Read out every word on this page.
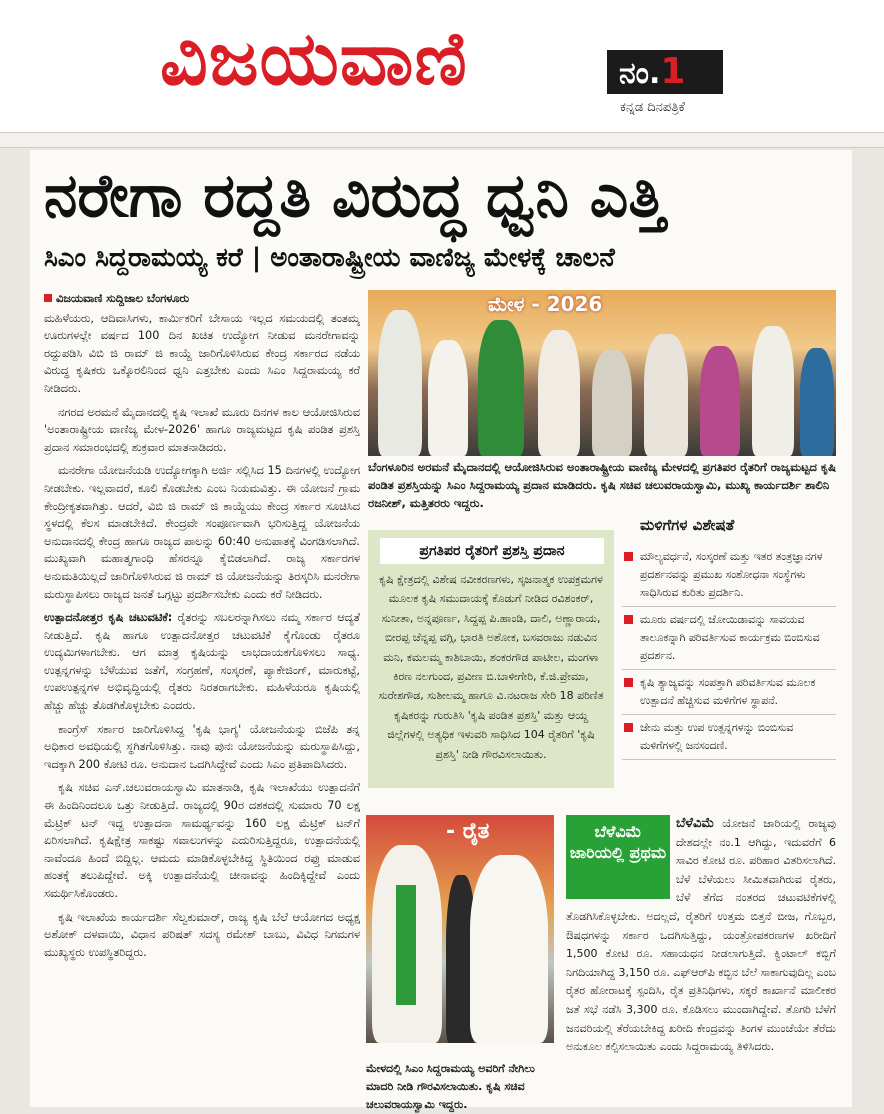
ವಿಜಯವಾಣಿ	ನಂ.1
ಕನ್ನಡ ದಿನಪತ್ರಿಕೆ
ನರೇಗಾ ರದ್ದತಿ ವಿರುದ್ಧ ಧ್ವನಿ ಎತ್ತಿ
ಸಿಎಂ ಸಿದ್ದರಾಮಯ್ಯ ಕರೆ | ಅಂತಾರಾಷ್ಟ್ರೀಯ ವಾಣಿಜ್ಯ ಮೇಳಕ್ಕೆ ಚಾಲನೆ
ವಿಜಯವಾಣಿ ಸುದ್ದಿಜಾಲ ಬೆಂಗಳೂರು

ಮಹಿಳೆಯರು, ಆದಿವಾಸಿಗಳು, ಕಾರ್ಮಿಕರಿಗೆ ಬೇಸಾಯ ಇಲ್ಲದ ಸಮಯದಲ್ಲಿ ತಂತಮ್ಮ ಊರುಗಳಲ್ಲೇ ವರ್ಷದ 100 ದಿನ ಖಚಿತ ಉದ್ಯೋಗ ನೀಡುವ ಮನರೇಗಾವನ್ನು ರದ್ದುಪಡಿಸಿ ವಿಬಿ ಜಿ ರಾಮ್ ಜಿ ಕಾಯ್ದೆ ಜಾರಿಗೊಳಿಸಿರುವ ಕೇಂದ್ರ ಸರ್ಕಾರದ ನಡೆಯ ವಿರುದ್ಧ ಕೃಷಿಕರು ಒಕ್ಕೊರಲಿನಿಂದ ಧ್ವನಿ ಎತ್ತಬೇಕು ಎಂದು ಸಿಎಂ ಸಿದ್ದರಾಮಯ್ಯ ಕರೆ ನೀಡಿದರು.

ನಗರದ ಅರಮನೆ ಮೈದಾನದಲ್ಲಿ ಕೃಷಿ ಇಲಾಖೆ ಮೂರು ದಿನಗಳ ಕಾಲ ಆಯೋಜಿಸಿರುವ 'ಅಂತಾರಾಷ್ಟ್ರೀಯ ವಾಣಿಜ್ಯ ಮೇಳ-2026' ಹಾಗೂ ರಾಜ್ಯಮಟ್ಟದ ಕೃಷಿ ಪಂಡಿತ ಪ್ರಶಸ್ತಿ ಪ್ರದಾನ ಸಮಾರಂಭದಲ್ಲಿ ಶುಕ್ರವಾರ ಮಾತನಾಡಿದರು.

ಮನರೇಗಾ ಯೋಜನೆಯಡಿ ಉದ್ಯೋಗಕ್ಕಾಗಿ ಅರ್ಜಿ ಸಲ್ಲಿಸಿದ 15 ದಿನಗಳಲ್ಲಿ ಉದ್ಯೋಗ ನೀಡಬೇಕು. ಇಲ್ಲವಾದರೆ, ಕೂಲಿ ಕೊಡಬೇಕು ಎಂಬ ನಿಯಮವಿತ್ತು. ಈ ಯೋಜನೆ ಗ್ರಾಮ ಕೇಂದ್ರೀಕೃತವಾಗಿತ್ತು. ಆದರೆ, ವಿಬಿ ಜಿ ರಾಮ್ ಜಿ ಕಾಯ್ದೆಯು ಕೇಂದ್ರ ಸರ್ಕಾರ ಸೂಚಿಸಿದ ಸ್ಥಳದಲ್ಲಿ ಕೆಲಸ ಮಾಡಬೇಕಿದೆ. ಕೇಂದ್ರವೇ ಸಂಪೂರ್ಣವಾಗಿ ಭರಿಸುತ್ತಿದ್ದ ಯೋಜನೆಯ ಅನುದಾನದಲ್ಲಿ ಕೇಂದ್ರ ಹಾಗೂ ರಾಜ್ಯದ ಪಾಲನ್ನು 60:40 ಅನುಪಾತಕ್ಕೆ ವಿಂಗಡಿಸಲಾಗಿದೆ. ಮುಖ್ಯವಾಗಿ ಮಹಾತ್ಮಗಾಂಧಿ ಹೆಸರನ್ನೂ ಕೈಬಿಡಲಾಗಿದೆ. ರಾಜ್ಯ ಸರ್ಕಾರಗಳ ಅನುಮತಿಯಿಲ್ಲದೆ ಜಾರಿಗೊಳಿಸಿರುವ ಜಿ ರಾಮ್ ಜಿ ಯೋಜನೆಯನ್ನು ತಿರಸ್ಕರಿಸಿ ಮನರೇಗಾ ಮರುಸ್ಥಾಪಿಸಲು ರಾಜ್ಯದ ಜನತೆ ಒಗ್ಗಟ್ಟು ಪ್ರದರ್ಶಿಸಬೇಕು ಎಂದು ಕರೆ ನೀಡಿದರು.

ಉತ್ಪಾದನೋತ್ತರ ಕೃಷಿ ಚಟುವಟಿಕೆ: ರೈತರನ್ನು ಸಬಲರನ್ನಾಗಿಸಲು ನಮ್ಮ ಸರ್ಕಾರ ಆದ್ಯತೆ ನೀಡುತ್ತಿದೆ. ಕೃಷಿ ಹಾಗೂ ಉತ್ಪಾದನೋತ್ತರ ಚಟುವಟಿಕೆ ಕೈಗೊಂಡು ರೈತರೂ ಉದ್ಯಮಿಗಳಾಗಬೇಕು. ಆಗ ಮಾತ್ರ ಕೃಷಿಯನ್ನು ಲಾಭದಾಯಕಗೊಳಿಸಲು ಸಾಧ್ಯ. ಉತ್ಪನ್ನಗಳನ್ನು ಬೆಳೆಯುವ ಜತೆಗೆ, ಸಂಗ್ರಹಣೆ, ಸಂಸ್ಕರಣೆ, ಪ್ಯಾಕೇಜಿಂಗ್, ಮಾರುಕಟ್ಟೆ, ಉಪಉತ್ಪನ್ನಗಳ ಅಭಿವೃದ್ಧಿಯಲ್ಲಿ ರೈತರು ನಿರತರಾಗಬೇಕು. ಮಹಿಳೆಯರೂ ಕೃಷಿಯಲ್ಲಿ ಹೆಚ್ಚು ಹೆಚ್ಚು ತೊಡಗಿಕೊಳ್ಳಬೇಕು ಎಂದರು.

ಕಾಂಗ್ರೆಸ್ ಸರ್ಕಾರ ಜಾರಿಗೊಳಿಸಿದ್ದ 'ಕೃಷಿ ಭಾಗ್ಯ' ಯೋಜನೆಯನ್ನು ಬಿಜೆಪಿ ತನ್ನ ಅಧಿಕಾರ ಅವಧಿಯಲ್ಲಿ ಸ್ಥಗಿತಗೊಳಿಸಿತ್ತು. ನಾವು ಪುನಃ ಯೋಜನೆಯನ್ನು ಮರುಸ್ಥಾಪಿಸಿದ್ದು, ಇದಕ್ಕಾಗಿ 200 ಕೋಟಿ ರೂ. ಅನುದಾನ ಒದಗಿಸಿದ್ದೇವೆ ಎಂದು ಸಿಎಂ ಪ್ರತಿಪಾದಿಸಿದರು.

ಕೃಷಿ ಸಚಿವ ಎನ್.ಚಲುವರಾಯಸ್ವಾಮಿ ಮಾತನಾಡಿ, ಕೃಷಿ ಇಲಾಖೆಯು ಉತ್ಪಾದನೆಗೆ ಈ ಹಿಂದಿನಿಂದಲೂ ಒತ್ತು ನೀಡುತ್ತಿದೆ. ರಾಜ್ಯದಲ್ಲಿ 90ರ ದಶಕದಲ್ಲಿ ಸುಮಾರು 70 ಲಕ್ಷ ಮೆಟ್ರಿಕ್ ಟನ್ ಇದ್ದ ಉತ್ಪಾದನಾ ಸಾಮರ್ಥ್ಯವನ್ನು 160 ಲಕ್ಷ ಮೆಟ್ರಿಕ್ ಟನ್‌ಗೆ ಏರಿಸಲಾಗಿದೆ. ಕೃಷಿಕ್ಷೇತ್ರ ಸಾಕಷ್ಟು ಸವಾಲುಗಳನ್ನು ಎದುರಿಸುತ್ತಿದ್ದರೂ, ಉತ್ಪಾದನೆಯಲ್ಲಿ ನಾವೆಂದೂ ಹಿಂದೆ ಬಿದ್ದಿಲ್ಲ. ಆಮದು ಮಾಡಿಕೊಳ್ಳಬೇಕಿದ್ದ ಸ್ಥಿತಿಯಿಂದ ರಫ್ತು ಮಾಡುವ ಹಂತಕ್ಕೆ ತಲುಪಿದ್ದೇವೆ. ಅಕ್ಕಿ ಉತ್ಪಾದನೆಯಲ್ಲಿ ಚೀನಾವನ್ನು ಹಿಂದಿಕ್ಕಿದ್ದೇವೆ ಎಂದು ಸಮರ್ಥಿಸಿಕೊಂಡರು.

ಕೃಷಿ ಇಲಾಖೆಯ ಕಾರ್ಯದರ್ಶಿ ಸೆಲ್ವಕುಮಾರ್, ರಾಜ್ಯ ಕೃಷಿ ಬೆಲೆ ಆಯೋಗದ ಅಧ್ಯಕ್ಷ ಅಶೋಕ್ ದಳವಾಯಿ, ವಿಧಾನ ಪರಿಷತ್ ಸದಸ್ಯ ರಮೇಶ್ ಬಾಬು, ವಿವಿಧ ನಿಗಮಗಳ ಮುಖ್ಯಸ್ಥರು ಉಪಸ್ಥಿತರಿದ್ದರು.

ಮೇಳ - 2026
ಬೆಂಗಳೂರಿನ ಅರಮನೆ ಮೈದಾನದಲ್ಲಿ ಆಯೋಜಿಸಿರುವ ಅಂತಾರಾಷ್ಟ್ರೀಯ ವಾಣಿಜ್ಯ ಮೇಳದಲ್ಲಿ ಪ್ರಗತಿಪರ ರೈತರಿಗೆ ರಾಜ್ಯಮಟ್ಟದ ಕೃಷಿ ಪಂಡಿತ ಪ್ರಶಸ್ತಿಯನ್ನು ಸಿಎಂ ಸಿದ್ದರಾಮಯ್ಯ ಪ್ರದಾನ ಮಾಡಿದರು. ಕೃಷಿ ಸಚಿವ ಚಲುವರಾಯಸ್ವಾಮಿ, ಮುಖ್ಯ ಕಾರ್ಯದರ್ಶಿ ಶಾಲಿನಿ ರಜನೀಶ್, ಮತ್ತಿತರರು ಇದ್ದರು.
ಪ್ರಗತಿಪರ ರೈತರಿಗೆ ಪ್ರಶಸ್ತಿ ಪ್ರದಾನ
ಕೃಷಿ ಕ್ಷೇತ್ರದಲ್ಲಿ ವಿಶೇಷ ನವೀಕರಣಗಳು, ಸೃಜನಾತ್ಮಕ ಉಪಕ್ರಮಗಳ ಮೂಲಕ ಕೃಷಿ ಸಮುದಾಯಕ್ಕೆ ಕೊಡುಗೆ ನೀಡಿದ ರವಿಶಂಕರ್, ಸುನೀತಾ, ಅನ್ನಪೂರ್ಣ, ಸಿದ್ದಪ್ಪ ಪಿ.ಹಾಂಡಿ, ದಾಲಿ, ಅಣ್ಣಾರಾಯ, ಬೀರಪ್ಪ ಚೆನ್ನಪ್ಪ ವಗ್ಗಿ, ಭಾರತಿ ಅಶೋಕ, ಬಸವರಾಜು ನಡುವಿನ ಮನಿ, ಕಮಲಮ್ಮ ಕಾಶಿಬಾಯಿ, ಶಂಕರಗೌಡ ಪಾಟೀಲ, ಮಂಗಳಾ ಕಿರಣ ನಲಗುಂದ, ಪ್ರವೀಣ ಬಿ.ಬಾಳೀಗೇರಿ, ಕೆ.ಜಿ.ಪ್ರೇಮಾ, ಸುರೇಶಗೌಡ, ಸುಶೀಲಮ್ಮ ಹಾಗೂ ವಿ.ನಟರಾಜ ಸೇರಿ 18 ಪರಿಣಿತ ಕೃಷಿಕರನ್ನು ಗುರುತಿಸಿ 'ಕೃಷಿ ಪಂಡಿತ ಪ್ರಶಸ್ತಿ' ಮತ್ತು ಆಯ್ದ ಜಿಲ್ಲೆಗಳಲ್ಲಿ ಅತ್ಯಧಿಕ ಇಳುವರಿ ಸಾಧಿಸಿದ 104 ರೈತರಿಗೆ 'ಕೃಷಿ ಪ್ರಶಸ್ತಿ' ನೀಡಿ ಗೌರವಿಸಲಾಯಿತು.
ಮಳಿಗೆಗಳ ವಿಶೇಷತೆ
ಮೌಲ್ಯವರ್ಧನೆ, ಸಂಸ್ಕರಣೆ ಮತ್ತು ಇತರ ತಂತ್ರಜ್ಞಾನಗಳ ಪ್ರದರ್ಶನವನ್ನು ಪ್ರಮುಖ ಸಂಶೋಧನಾ ಸಂಸ್ಥೆಗಳು ಸಾಧಿಸಿರುವ ಕುರಿತು ಪ್ರದರ್ಶಿನಿ.
ಮೂರು ವರ್ಷದಲ್ಲಿ ಜೋಯಿಡಾವನ್ನು ಸಾವಯವ ತಾಲೂಕನ್ನಾಗಿ ಪರಿವರ್ತಿಸುವ ಕಾರ್ಯಕ್ರಮ ಬಿಂಬಿಸುವ ಪ್ರದರ್ಶನ.
ಕೃಷಿ ತ್ಯಾಜ್ಯವನ್ನು ಸಂಪತ್ತಾಗಿ ಪರಿವರ್ತಿಸುವ ಮೂಲಕ ಉತ್ಪಾದನೆ ಹೆಚ್ಚಿಸುವ ಮಳಿಗೆಗಳ ಸ್ಥಾಪನೆ.
ಜೇನು ಮತ್ತು ಉಪ ಉತ್ಪನ್ನಗಳನ್ನು ಬಿಂಬಿಸುವ ಮಳಿಗೆಗಳಲ್ಲಿ ಜನಸಂದಣಿ.
- ರೈತ
ಮೇಳದಲ್ಲಿ ಸಿಎಂ ಸಿದ್ದರಾಮಯ್ಯ ಅವರಿಗೆ ನೇಗಿಲು ಮಾದರಿ ನೀಡಿ ಗೌರವಿಸಲಾಯಿತು. ಕೃಷಿ ಸಚಿವ ಚಲುವರಾಯಸ್ವಾಮಿ ಇದ್ದರು.
ಬೆಳೆವಿಮೆ ಯೋಜನೆ ಜಾರಿಯಲ್ಲಿ ರಾಜ್ಯವು ದೇಶದಲ್ಲೇ ನಂ.1 ಆಗಿದ್ದು, ಇದುವರೆಗೆ 6 ಸಾವಿರ ಕೋಟಿ ರೂ. ಪರಿಹಾರ ವಿತರಿಸಲಾಗಿದೆ. ಬೆಳೆ ಬೆಳೆಯಲು ಸೀಮಿತವಾಗಿರುವ ರೈತರು, ಬೆಳೆ ತೆಗೆದ ನಂತರದ ಚಟುವಟಿಕೆಗಳಲ್ಲಿ ತೊಡಗಿಸಿಕೊಳ್ಳಬೇಕು. ಅದಲ್ಲದೆ, ರೈತರಿಗೆ ಉತ್ತಮ ಬಿತ್ತನೆ ಬೀಜ, ಗೊಬ್ಬರ, ಔಷಧಗಳನ್ನು ಸರ್ಕಾರ ಒದಗಿಸುತ್ತಿದ್ದು, ಯಂತ್ರೋಪಕರಣಗಳ ಖರೀದಿಗೆ 1,500 ಕೋಟಿ ರೂ. ಸಹಾಯಧನ ನೀಡಲಾಗುತ್ತಿದೆ. ಕ್ವಿಂಟಾಲ್ ಕಬ್ಬಿಗೆ ನಿಗದಿಯಾಗಿದ್ದ 3,150 ರೂ. ಎಫ್ಆರ್‌ಪಿ ಕಬ್ಬಿನ ಬೆಲೆ ಸಾಕಾಗುವುದಿಲ್ಲ ಎಂಬ ರೈತರ ಹೋರಾಟಕ್ಕೆ ಸ್ಪಂದಿಸಿ, ರೈತ ಪ್ರತಿನಿಧಿಗಳು, ಸಕ್ಕರೆ ಕಾರ್ಖಾನೆ ಮಾಲೀಕರ ಜತೆ ಸಭೆ ನಡೆಸಿ 3,300 ರೂ. ಕೊಡಿಸಲು ಮುಂದಾಗಿದ್ದೇವೆ. ತೊಗರಿ ಬೆಳೆಗೆ ಜನವರಿಯಲ್ಲಿ ತೆರೆಯಬೇಕಿದ್ದ ಖರೀದಿ ಕೇಂದ್ರವನ್ನು ತಿಂಗಳ ಮುಂಚೆಯೇ ತೆರೆದು ಅನುಕೂಲ ಕಲ್ಪಿಸಲಾಯಿತು ಎಂದು ಸಿದ್ದರಾಮಯ್ಯ ತಿಳಿಸಿದರು.
ಬೆಳೆವಿಮೆ ಜಾರಿಯಲ್ಲಿ ಪ್ರಥಮ
